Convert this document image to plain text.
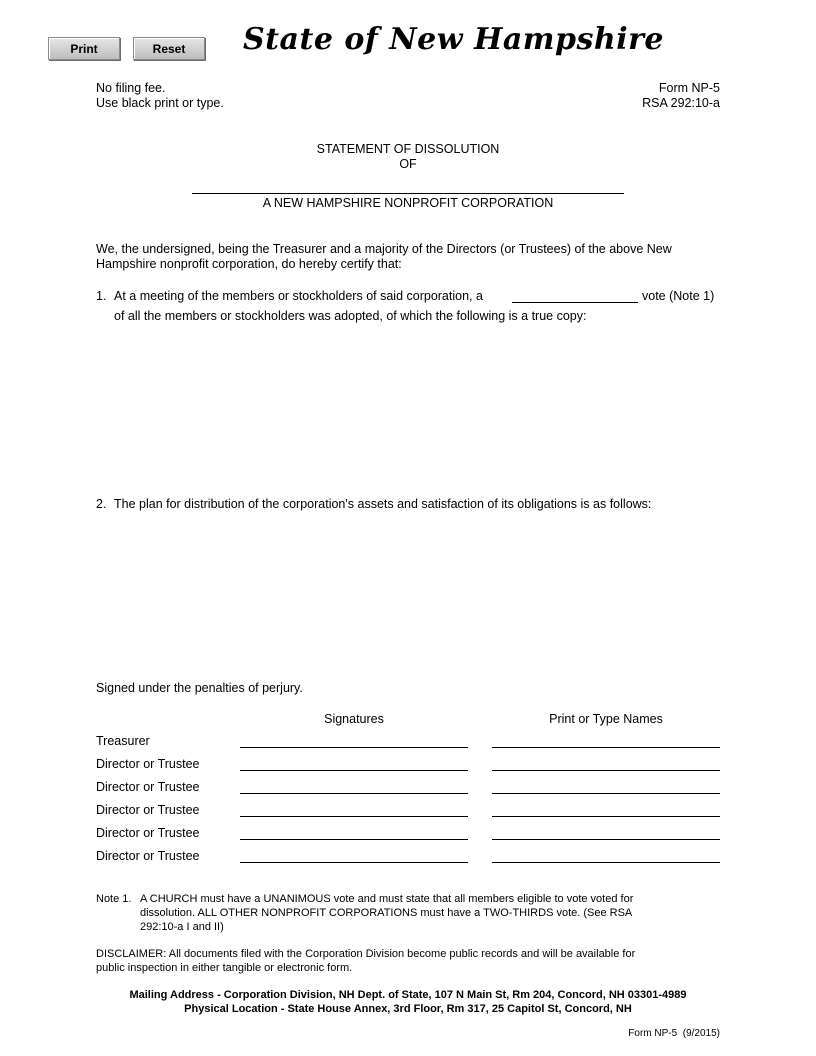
Print	Reset	State of New Hampshire
No filing fee.
Use black print or type.
Form NP-5
RSA 292:10-a
STATEMENT OF DISSOLUTION
OF
A NEW HAMPSHIRE NONPROFIT CORPORATION
We, the undersigned, being the Treasurer and a majority of the Directors (or Trustees) of the above New
Hampshire nonprofit corporation, do hereby certify that:
1. At a meeting of the members or stockholders of said corporation, a	vote (Note 1)
of all the members or stockholders was adopted, of which the following is a true copy:
2. The plan for distribution of the corporation's assets and satisfaction of its obligations is as follows:
Signed under the penalties of perjury.
Signatures	Print or Type Names
Treasurer
Director or Trustee
Director or Trustee
Director or Trustee
Director or Trustee
Director or Trustee
Note 1. A CHURCH must have a UNANIMOUS vote and must state that all members eligible to vote voted for
dissolution. ALL OTHER NONPROFIT CORPORATIONS must have a TWO-THIRDS vote. (See RSA
292:10-a I and II)
DISCLAIMER: All documents filed with the Corporation Division become public records and will be available for
public inspection in either tangible or electronic form.
Mailing Address - Corporation Division, NH Dept. of State, 107 N Main St, Rm 204, Concord, NH 03301-4989
Physical Location - State House Annex, 3rd Floor, Rm 317, 25 Capitol St, Concord, NH
Form NP-5  (9/2015)
